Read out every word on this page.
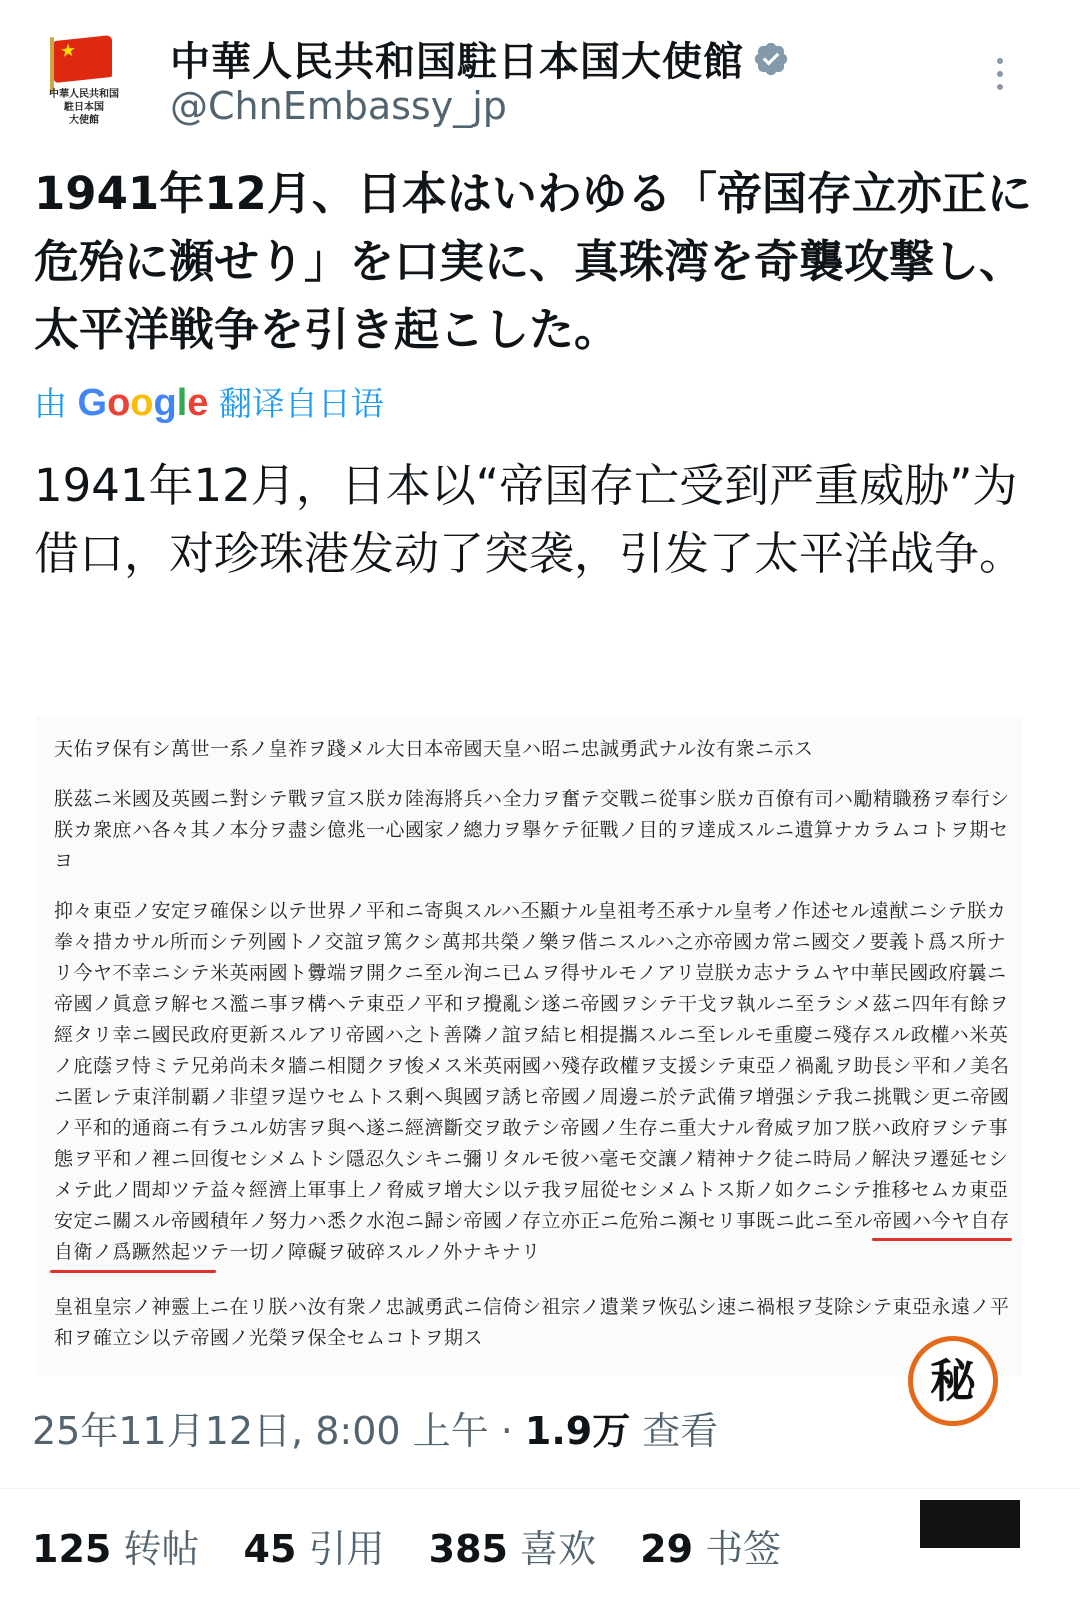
★
中華人民共和国
駐日本国
大使館
中華人民共和国駐日本国大使館
@ChnEmbassy_jp
1941年12月、日本はいわゆる「帝国存立亦正に危殆に瀕せり」を口実に、真珠湾を奇襲攻撃し、太平洋戦争を引き起こした。
由 Google 翻译自日语
1941年12月，日本以“帝国存亡受到严重威胁”为借口，对珍珠港发动了突袭，引发了太平洋战争。
天佑ヲ保有シ萬世一系ノ皇祚ヲ踐メル大日本帝國天皇ハ昭ニ忠誠勇武ナル汝有衆ニ示ス
朕茲ニ米國及英國ニ對シテ戰ヲ宣ス朕カ陸海將兵ハ全力ヲ奮テ交戰ニ從事シ朕カ百僚有司ハ勵精職務ヲ奉行シ朕カ衆庶ハ各々其ノ本分ヲ盡シ億兆一心國家ノ總力ヲ擧ケテ征戰ノ目的ヲ達成スルニ遺算ナカラムコトヲ期セヨ
抑々東亞ノ安定ヲ確保シ以テ世界ノ平和ニ寄與スルハ丕顯ナル皇祖考丕承ナル皇考ノ作述セル遠猷ニシテ朕カ拳々措カサル所而シテ列國トノ交誼ヲ篤クシ萬邦共榮ノ樂ヲ偕ニスルハ之亦帝國カ常ニ國交ノ要義ト爲ス所ナリ今ヤ不幸ニシテ米英兩國ト釁端ヲ開クニ至ル洵ニ已ムヲ得サルモノアリ豈朕カ志ナラムヤ中華民國政府曩ニ帝國ノ眞意ヲ解セス濫ニ事ヲ構ヘテ東亞ノ平和ヲ攪亂シ遂ニ帝國ヲシテ干戈ヲ執ルニ至ラシメ茲ニ四年有餘ヲ經タリ幸ニ國民政府更新スルアリ帝國ハ之ト善隣ノ誼ヲ結ヒ相提攜スルニ至レルモ重慶ニ殘存スル政權ハ米英ノ庇蔭ヲ恃ミテ兄弟尚未タ牆ニ相鬩クヲ悛メス米英兩國ハ殘存政權ヲ支援シテ東亞ノ禍亂ヲ助長シ平和ノ美名ニ匿レテ東洋制覇ノ非望ヲ逞ウセムトス剰ヘ與國ヲ誘ヒ帝國ノ周邊ニ於テ武備ヲ增强シテ我ニ挑戰シ更ニ帝國ノ平和的通商ニ有ラユル妨害ヲ與ヘ遂ニ經濟斷交ヲ敢テシ帝國ノ生存ニ重大ナル脅威ヲ加フ朕ハ政府ヲシテ事態ヲ平和ノ裡ニ回復セシメムトシ隱忍久シキニ彌リタルモ彼ハ毫モ交讓ノ精神ナク徒ニ時局ノ解決ヲ遷延セシメテ此ノ間却ツテ益々經濟上軍事上ノ脅威ヲ增大シ以テ我ヲ屈從セシメムトス斯ノ如クニシテ推移セムカ東亞安定ニ關スル帝國積年ノ努力ハ悉ク水泡ニ歸シ帝國ノ存立亦正ニ危殆ニ瀕セリ事既ニ此ニ至ル帝國ハ今ヤ自存自衛ノ爲蹶然起ツテ一切ノ障礙ヲ破碎スルノ外ナキナリ
皇祖皇宗ノ神靈上ニ在リ朕ハ汝有衆ノ忠誠勇武ニ信倚シ祖宗ノ遺業ヲ恢弘シ速ニ禍根ヲ芟除シテ東亞永遠ノ平和ヲ確立シ以テ帝國ノ光榮ヲ保全セムコトヲ期ス
秘
25年11月12日, 8:00 上午 · 1.9万 查看
125 转帖 45 引用 385 喜欢 29 书签
